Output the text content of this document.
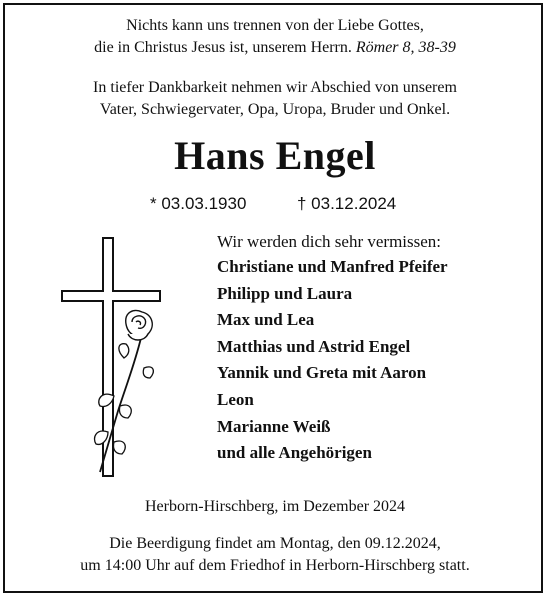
Nichts kann uns trennen von der Liebe Gottes,
die in Christus Jesus ist, unserem Herrn. Römer 8, 38-39
In tiefer Dankbarkeit nehmen wir Abschied von unserem
Vater, Schwiegervater, Opa, Uropa, Bruder und Onkel.
Hans Engel
* 03.03.1930	† 03.12.2024
Wir werden dich sehr vermissen:
Christiane und Manfred Pfeifer
Philipp und Laura
Max und Lea
Matthias und Astrid Engel
Yannik und Greta mit Aaron
Leon
Marianne Weiß
und alle Angehörigen
Herborn-Hirschberg, im Dezember 2024
Die Beerdigung findet am Montag, den 09.12.2024,
um 14:00 Uhr auf dem Friedhof in Herborn-Hirschberg statt.
